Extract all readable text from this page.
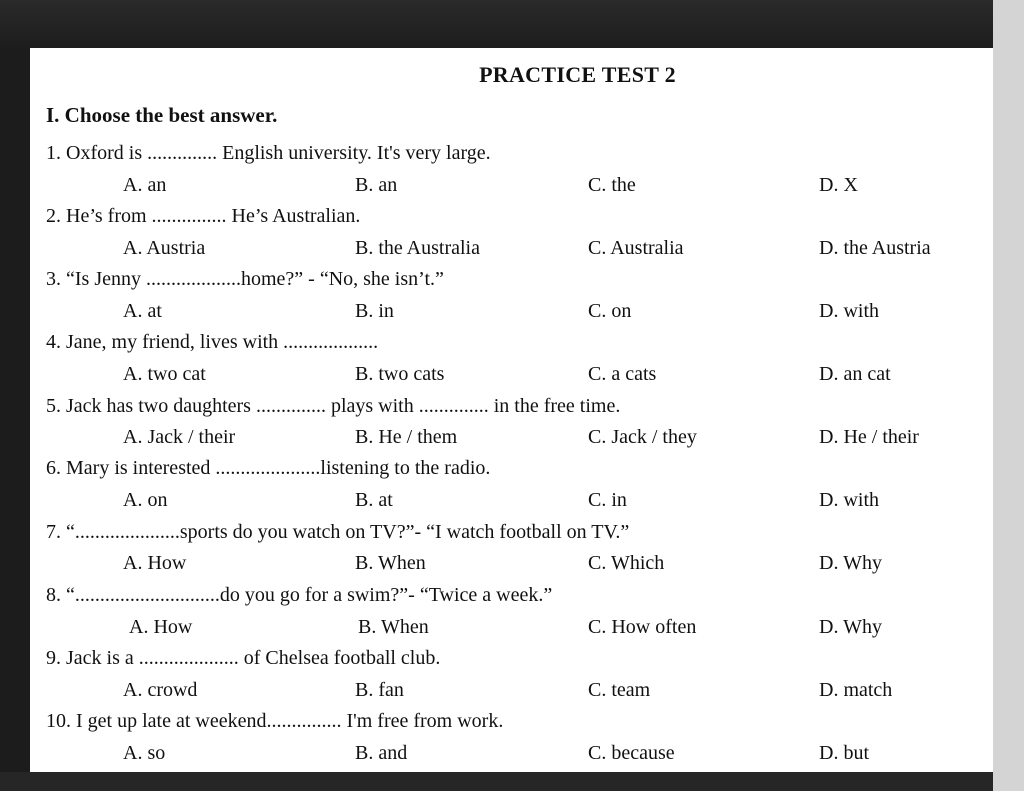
PRACTICE TEST 2
I. Choose the best answer.
1. Oxford is .............. English university. It's very large.
A. an	B. an	C. the	D. X
2. He’s from ............... He’s Australian.
A. Austria	B. the Australia	C. Australia	D. the Austria
3. “Is Jenny ...................home?” - “No, she isn’t.”
A. at	B. in	C. on	D. with
4. Jane, my friend, lives with ...................
A. two cat	B. two cats	C. a cats	D. an cat
5. Jack has two daughters .............. plays with .............. in the free time.
A. Jack / their	B. He / them	C. Jack / they	D. He / their
6. Mary is interested .....................listening to the radio.
A. on	B. at	C. in	D. with
7. “.....................sports do you watch on TV?”- “I watch football on TV.”
A. How	B. When	C. Which	D. Why
8. “.............................do you go for a swim?”- “Twice a week.”
A. How	B. When	C. How often	D. Why
9. Jack is a .................... of Chelsea football club.
A. crowd	B. fan	C. team	D. match
10. I get up late at weekend............... I'm free from work.
A. so	B. and	C. because	D. but
